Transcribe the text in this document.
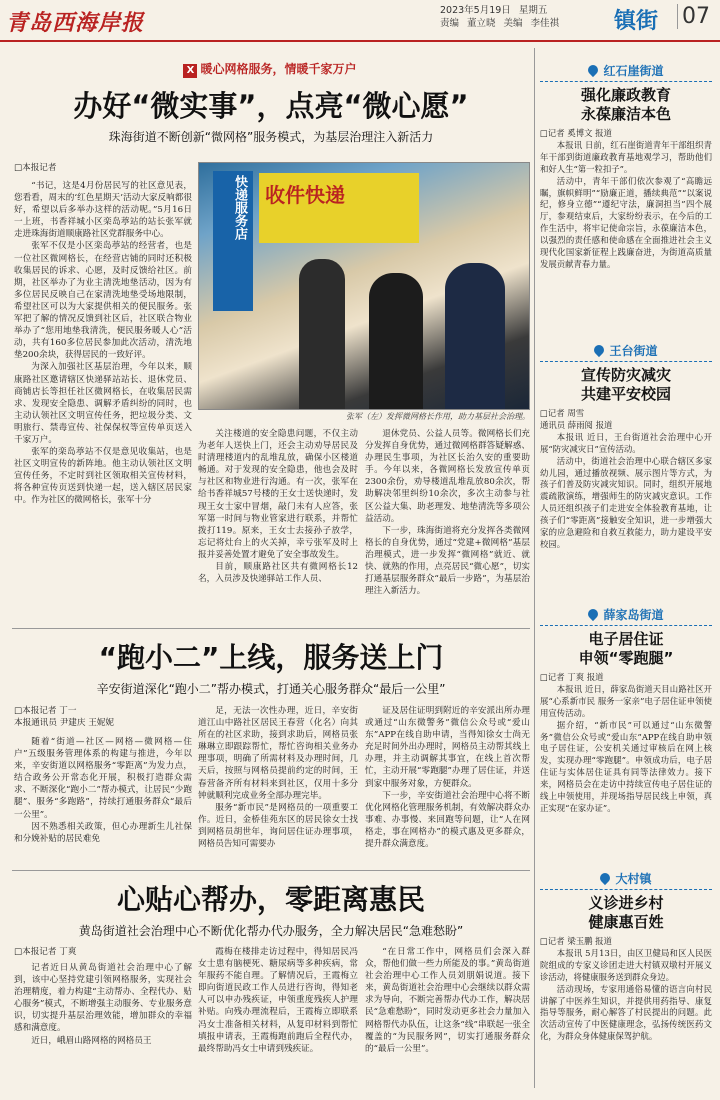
青岛西海岸报	2023年5月19日 星期五
责编 董立晓 美编 李佳祺	镇街 07
X 暖心网格服务，情暖千家万户
办好“微实事”，点亮“微心愿”
珠海街道不断创新“微网格”服务模式，为基层治理注入新活力
□本报记者

“书记，这是4月份居民写的社区意见表，您看看，周末的‘红色星期天’活动大家反响都很好，希望以后多举办这样的活动呢。”5月16日一上班，书香祥城小区栾岛葶站的站长张军就走进珠海街道顺康路社区党群服务中心。

张军不仅是小区栾岛葶站的经营者，也是一位社区微网格长，在经营店铺的同时还积极收集居民的诉求、心愿，及时反馈给社区。前期，社区举办了为业主清洗地垫活动，因为有多位居民反映自己在家清洗地垫受场地限制，希望社区可以为大家提供相关的便民服务。张军把了解的情况反馈到社区后，社区联合物业举办了“您用地垫我清洗，便民服务暖人心”活动，共有160多位居民参加此次活动，清洗地垫200余块，获得居民的一致好评。

为深入加强社区基层治理，今年以来，顺康路社区邀请辖区快递驿站站长、退休党员、商铺店长等担任社区微网格长，在收集居民需求、发现安全隐患、调解矛盾纠纷的同时，也主动认领社区文明宣传任务，把垃圾分类、文明旅行、禁毒宣传、社保保权等宣传单页送入千家万户。

张军的栾岛葶站不仅是意见收集站，也是社区文明宣传的新阵地。他主动认领社区文明宣传任务，不定时到社区领取相关宣传材料，将各种宣传页送到快递一起，送入辖区居民家中。作为社区的微网格长，张军十分

快递服务店 收件快递
张军（左）发挥微网格长作用，助力基层社会治理。

关注楼道的安全隐患问题，不仅主动为老年人送快上门，还会主动劝导居民及时清理楼道内的乱堆乱放，确保小区楼道畅通。对于发现的安全隐患，他也会及时与社区和物业进行沟通。有一次，张军在给书香祥城57号楼的王女士送快递时，发现王女士家中冒烟，敲门未有人应答，张军第一时间与物业管家进行联系，并帮忙拨打119。原来，王女士去接孙子放学，忘记将灶台上的火关掉，幸亏张军及时上报并妥善处置才避免了安全事故发生。

目前，顺康路社区共有微网格长12名，入员涉及快递驿站工作人员、

退休党员、公益人员等。微网格长们充分发挥自身优势，通过微网格群答疑解惑、办理民生事项，为社区长治久安的重要助手。今年以来，各微网格长发放宣传单页2300余份，劝导楼道乱堆乱放80余次，帮助解决邻里纠纷10余次，多次主动参与社区公益大集、助老理发、地垫清洗等多项公益活动。

下一步，珠海街道将充分发挥各类微网格长的自身优势，通过“党建+微网格”基层治理模式，进一步发挥“微网格”就近、就快、就熟的作用，点亮居民“微心愿”，切实打通基层服务群众“最后一步路”，为基层治理注入新活力。

“跑小二”上线，服务送上门
辛安街道深化“跑小二”帮办模式，打通关心服务群众“最后一公里”
□本报记者 丁一
本报通讯员 尹建庆 王妮妮

随着“街道—社区—网格—微网格—住户”五级服务管理体系的构建与推进，今年以来，辛安街道以网格服务“零距离”为发力点，结合政务公开常态化开展，积极打造群众需求、不断深化“跑小二”帮办模式，让居民“少跑腿”、服务“多跑路”，持续打通服务群众“最后一公里”。

因不熟悉相关政策，但心办理新生儿社保和分娩补贴的居民难免

足，无法一次性办理，近日，辛安街道江山中路社区居民王春营（化名）向其所在的社区求助，接到求助后，网格员张琳琳立即跟踪帮忙，帮忙咨询相关业务办理事项，明确了所需材料及办理时间，几天后，按照与网格员提前约定的时间，王春营备齐所有材料来到社区，仅用十多分钟就顺利完成业务全部办理完毕。

服务“新市民”是网格员的一项重要工作。近日，金桥佳苑东区的居民徐女士找到网格员胡世年，询问居住证办理事项，网格员告知可需要办

证及居住证明到附近的辛安派出所办理或通过“山东微警务”微信公众号或“爱山东”APP在线自助申请，当得知徐女士尚无充足时间外出办理时，网格员主动帮其线上办理，并主动调解其事宜，在线上首次帮忙，主动开展“零跑腿”办理了居住证，并送到家中服务对象，方便群众。

下一步，辛安街道社会治理中心将不断优化网格化管理服务机制，有效解决群众办事难、办事慢、来回跑等问题，让“人在网格走，事在网格办”的模式惠及更多群众，提升群众满意度。

心贴心帮办，零距离惠民
黄岛街道社会治理中心不断优化帮办代办服务，全力解决居民“急难愁盼”
□本报记者 丁爽

记者近日从黄岛街道社会治理中心了解到，该中心坚持党建引领网格服务，实现社会治理精度，着力构建“主动帮办、全程代办、贴心服务”模式，不断增强主动服务、专业服务意识，切实提升基层治理效能，增加群众的幸福感和满意度。

近日，峨眉山路网格的网格员王

霞梅在楼排走访过程中，得知居民冯女士患有脑梗死、糖尿病等多种疾病，常年服药不能自理。了解情况后，王霞梅立即向街道民政工作人员进行咨询，得知老人可以申办残疾证，申领重度残疾人护理补贴。向残办理流程后，王霞梅立即联系冯女士准备相关材料，从复印材料到帮忙填报申请表，王霞梅跑前跑后全程代办，最终帮助冯女士申请到残疾证。

“在日常工作中，网格员们会深入群众，帮他们做一些力所能及的事。”黄岛街道社会治理中心工作人员刘朋娟说道。接下来，黄岛街道社会治理中心会继续以群众需求为导向，不断完善帮办代办工作，解决居民“急难愁盼”，同时发动更多社会力量加入网格帮代办队伍，让这条“线”串联起一张全覆盖的“为民服务网”，切实打通服务群众的“最后一公里”。

红石崖街道
强化廉政教育
永葆廉洁本色
□记者 奚博文 报道

本报讯 日前，红石崖街道青年干部组织青年干部到街道廉政教育基地观学习，帮助他们和好人生“第一粒扣子”。

活动中，青年干部们依次参观了“高瞻远瞩，旗帜鲜明”“励廉正道，播续典范”“以案说纪，修身立德”“遵纪守法，廉洞担当”四个展厅，参观结束后，大家纷纷表示，在今后的工作生活中，将牢记使命宗旨，永葆廉洁本色，以强烈的责任感和使命感在全面推进社会主义现代化国家新征程上践廉奋进，为街道高质量发展贡献青春力量。

王台街道
宣传防灾减灾
共建平安校园
□记者 周雪
通讯员 薛雨阅 报道

本报讯 近日，王台街道社会治理中心开展“防灾减灾日”宣传活动。

活动中，街道社会治理中心联合辖区多家幼儿园，通过播放视频、展示图片等方式，为孩子们普及防灾减灾知识。同时，组织开展地震疏散演练，增强师生的防灾减灾意识。工作人员还组织孩子们走进安全体验教育基地，让孩子们“零距离”接触安全知识，进一步增强大家的应急避险和自救互救能力，助力建设平安校园。

薛家岛街道
电子居住证
申领“零跑腿”
□记者 丁爽 报道

本报讯 近日，薛家岛街道天目山路社区开展“心系新市民 服务一家亲”电子居住证申领使用宣传活动。

据介绍，“新市民”可以通过“山东微警务”微信公众号或“爱山东”APP在线自助申领电子居住证，公安机关通过审核后在网上核发，实现办理“零跑腿”。申领成功后，电子居住证与实体居住证具有同等法律效力。接下来，网格员会在走访中持续宣传电子居住证的线上申领使用，并现场指导居民线上申领，真正实现“在家办证”。

大村镇
义诊进乡村
健康惠百姓
□记者 梁玉鹏 报道

本报讯 5月13日，由区卫健局和区人民医院组成的专家义诊团走进大村镇双墩村开展义诊活动，将健康服务送到群众身边。

活动现场，专家用通俗易懂的语言向村民讲解了中医养生知识，并提供用药指导、康复指导等服务，耐心解答了村民提出的问题。此次活动宣传了中医健康理念，弘扬传统医药文化，为群众身体健康保驾护航。
